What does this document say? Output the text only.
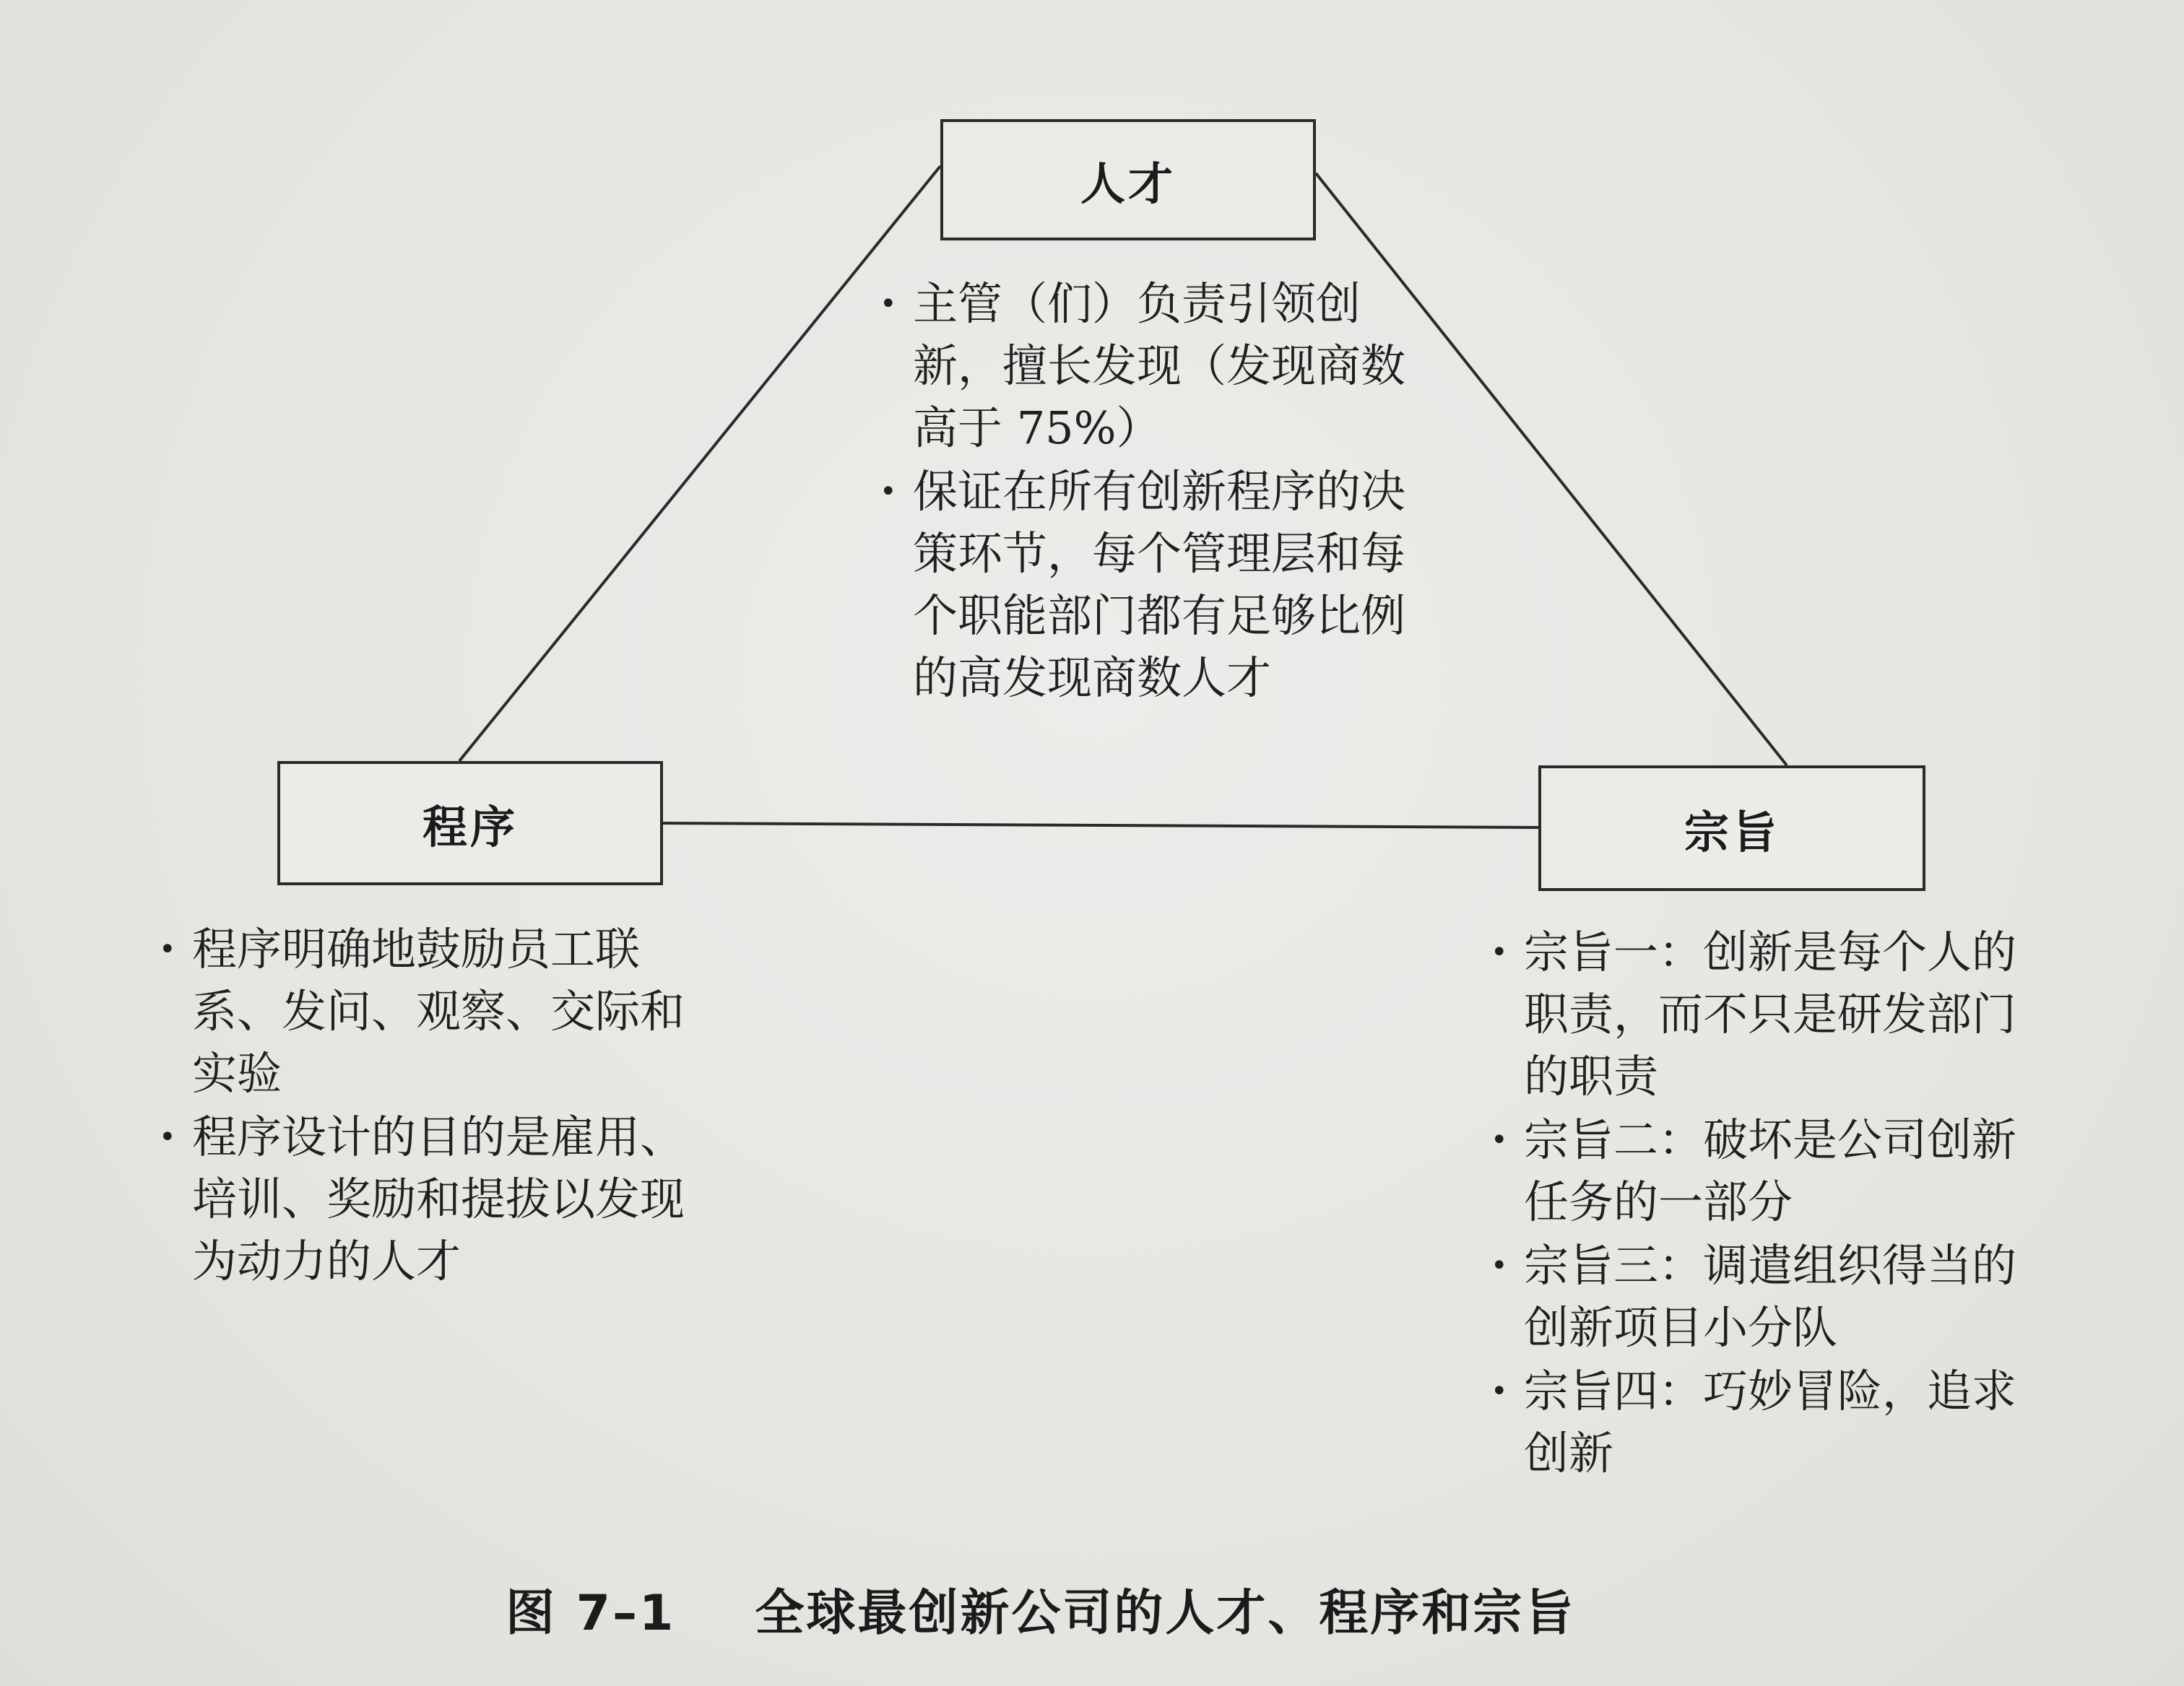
人才
程序	宗旨
• 主管（们）负责引领创新，擅长发现（发现商数高于 75%）
• 保证在所有创新程序的决策环节，每个管理层和每个职能部门都有足够比例的高发现商数人才
• 程序明确地鼓励员工联系、发问、观察、交际和实验
• 程序设计的目的是雇用、培训、奖励和提拔以发现为动力的人才
• 宗旨一：创新是每个人的职责，而不只是研发部门的职责
• 宗旨二：破坏是公司创新任务的一部分
• 宗旨三：调遣组织得当的创新项目小分队
• 宗旨四：巧妙冒险，追求创新
图 7–1 全球最创新公司的人才、程序和宗旨
